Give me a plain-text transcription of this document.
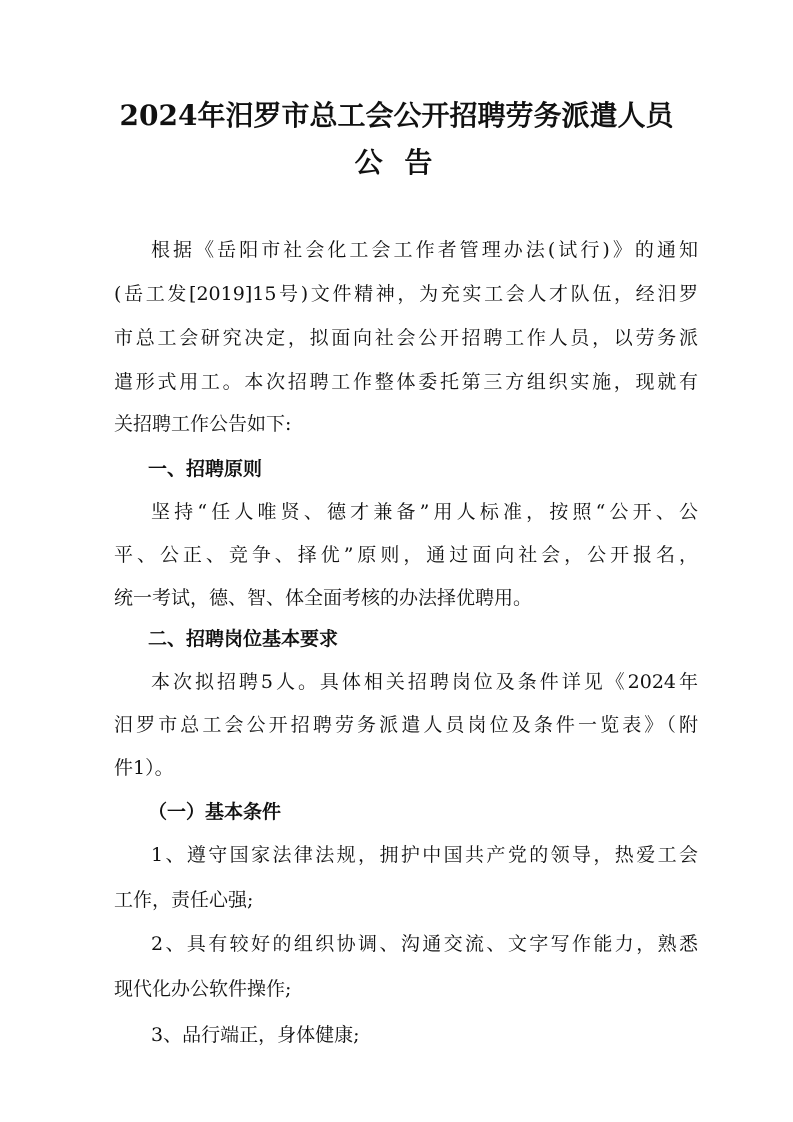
2024年汨罗市总工会公开招聘劳务派遣人员
公 告
根据《岳阳市社会化工会工作者管理办法(试行)》的通知
(岳工发[2019]15号)文件精神，为充实工会人才队伍，经汨罗
市总工会研究决定，拟面向社会公开招聘工作人员，以劳务派
遣形式用工。本次招聘工作整体委托第三方组织实施，现就有
关招聘工作公告如下:
一、招聘原则
坚持“任人唯贤、德才兼备”用人标准，按照“公开、公
平、公正、竞争、择优”原则，通过面向社会，公开报名，
统一考试，德、智、体全面考核的办法择优聘用。
二、招聘岗位基本要求
本次拟招聘5人。具体相关招聘岗位及条件详见《2024年
汨罗市总工会公开招聘劳务派遣人员岗位及条件一览表》（附
件1）。
（一）基本条件
1、遵守国家法律法规，拥护中国共产党的领导，热爱工会
工作，责任心强;
2、具有较好的组织协调、沟通交流、文字写作能力，熟悉
现代化办公软件操作;
3、品行端正，身体健康;
